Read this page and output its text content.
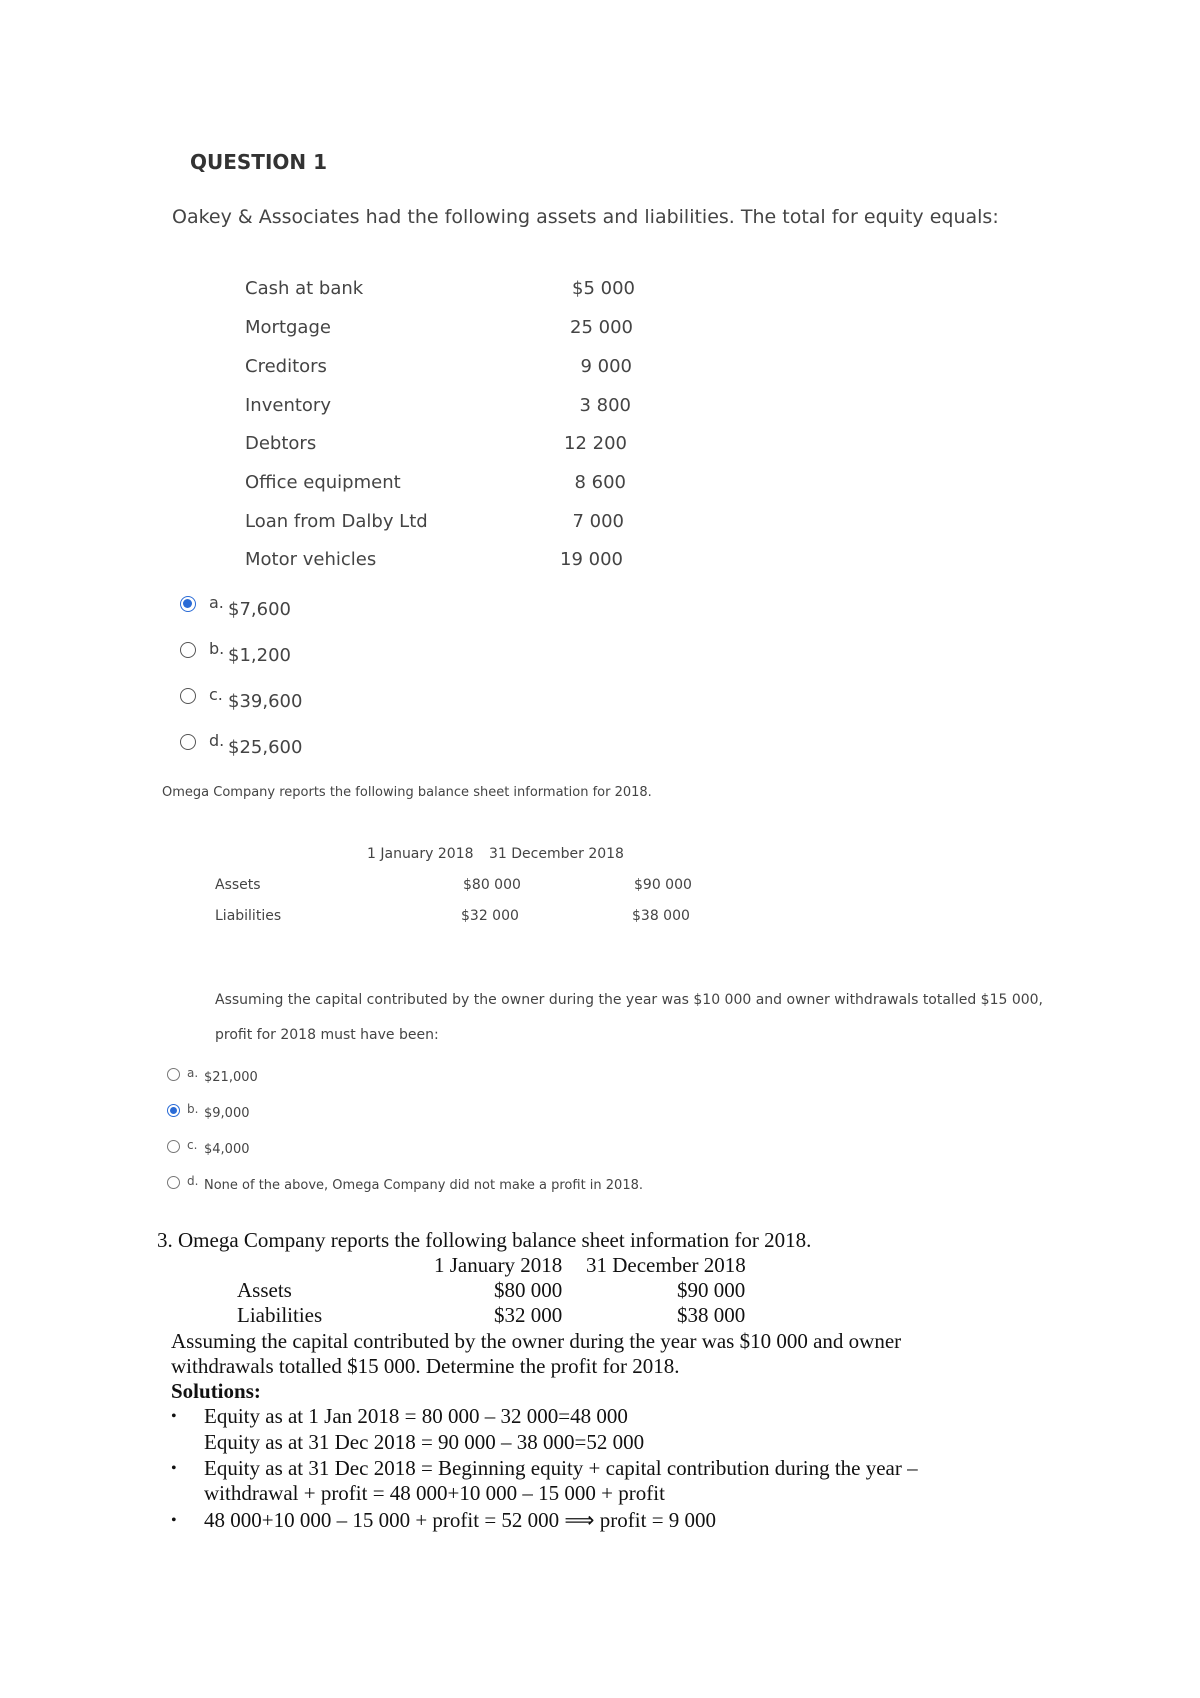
QUESTION 1
Oakey & Associates had the following assets and liabilities. The total for equity equals:
Cash at bank	$5 000
Mortgage	25 000
Creditors	9 000
Inventory	3 800
Debtors	12 200
Office equipment	8 600
Loan from Dalby Ltd	7 000
Motor vehicles	19 000
a. $7,600
b. $1,200
c. $39,600
d. $25,600
Omega Company reports the following balance sheet information for 2018.
1 January 2018 31 December 2018
Assets	$80 000	$90 000
Liabilities	$32 000	$38 000
Assuming the capital contributed by the owner during the year was $10 000 and owner withdrawals totalled $15 000,
profit for 2018 must have been:
a. $21,000
b. $9,000
c. $4,000
d. None of the above, Omega Company did not make a profit in 2018.
3. Omega Company reports the following balance sheet information for 2018.
1 January 2018 31 December 2018
Assets	$80 000	$90 000
Liabilities	$32 000	$38 000
Assuming the capital contributed by the owner during the year was $10 000 and owner
withdrawals totalled $15 000. Determine the profit for 2018.
Solutions:
• Equity as at 1 Jan 2018 = 80 000 – 32 000=48 000
Equity as at 31 Dec 2018 = 90 000 – 38 000=52 000
• Equity as at 31 Dec 2018 = Beginning equity + capital contribution during the year –
withdrawal + profit = 48 000+10 000 – 15 000 + profit
• 48 000+10 000 – 15 000 + profit = 52 000 ⟹ profit = 9 000
